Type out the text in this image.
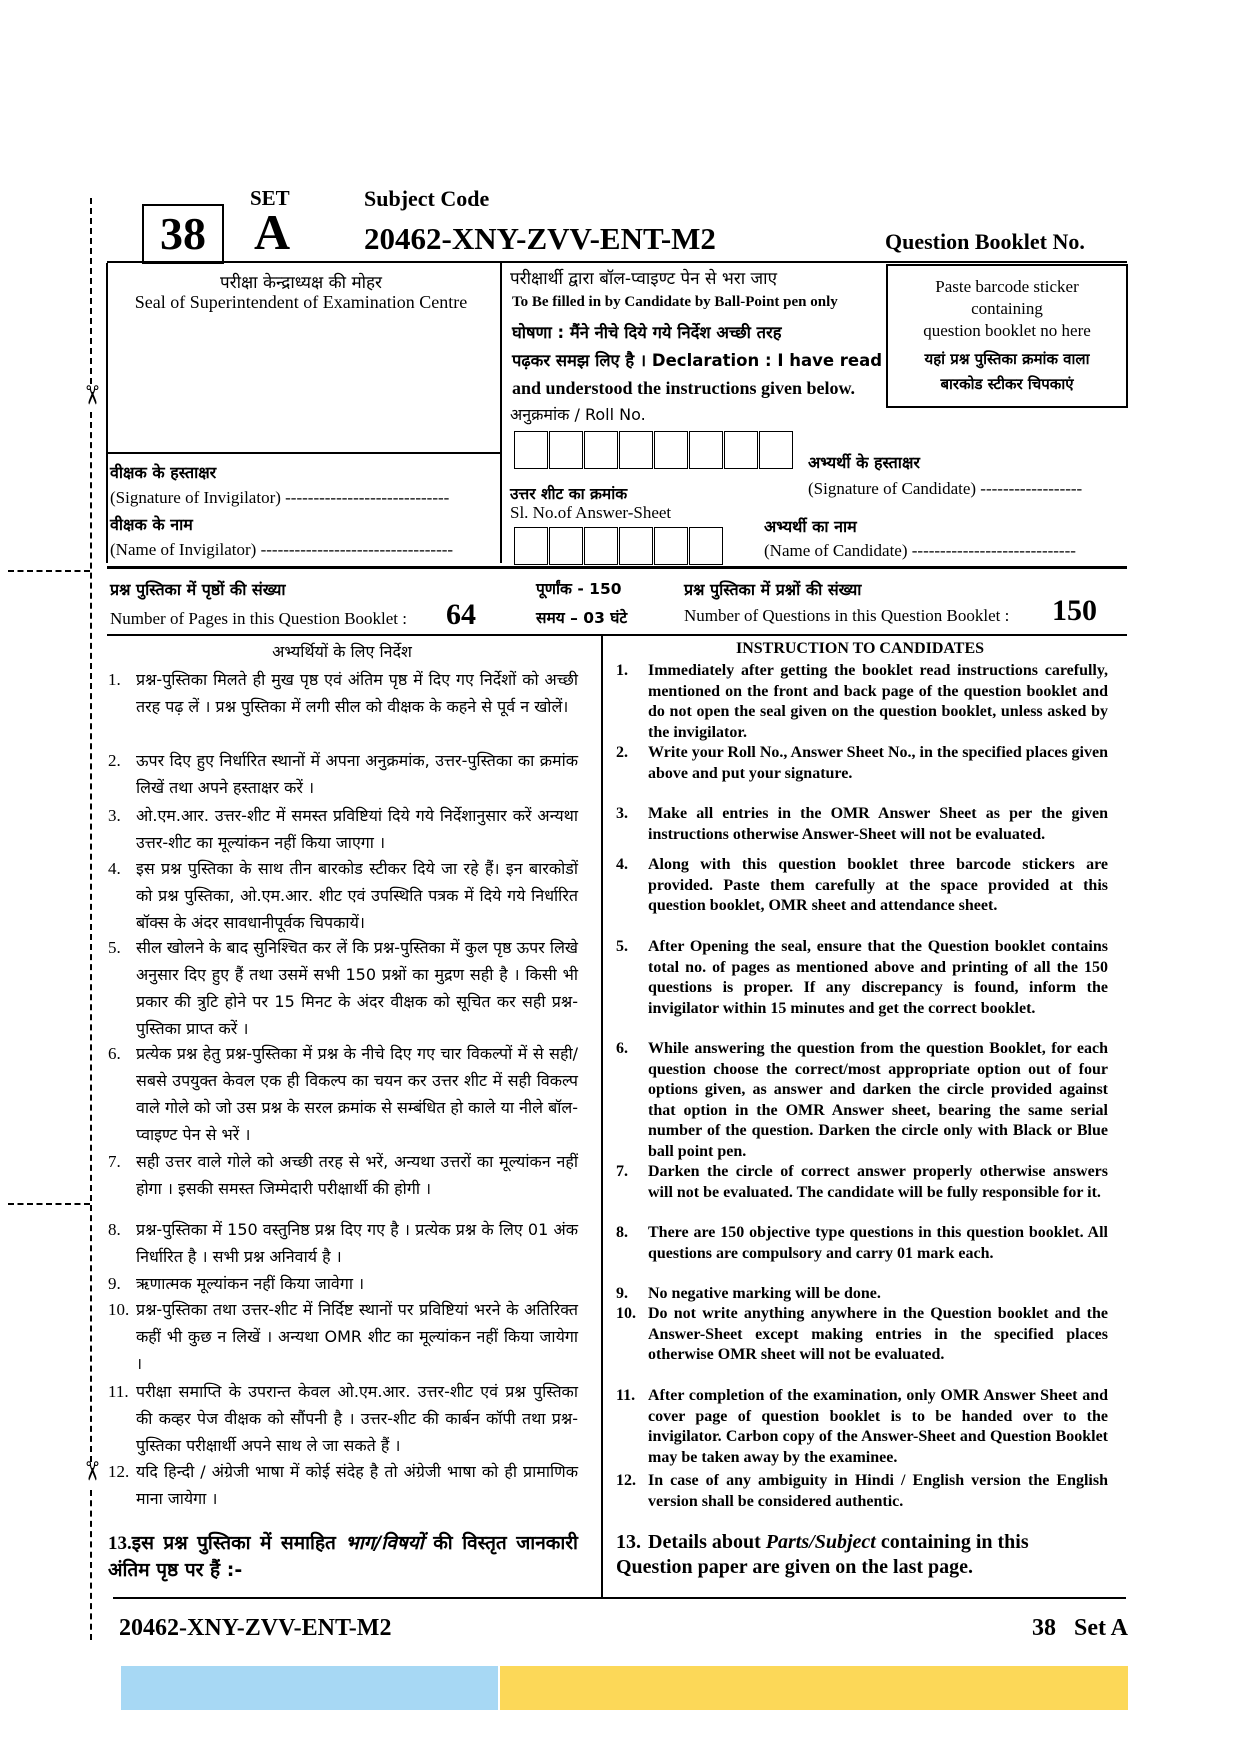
✂
✂
38
SET
A
Subject Code
20462-XNY-ZVV-ENT-M2	Question Booklet No.
परीक्षा केन्द्राध्यक्ष की मोहर
Seal of Superintendent of Examination Centre
परीक्षार्थी द्वारा बॉल-प्वाइण्ट पेन से भरा जाए
To Be filled in by Candidate by Ball-Point pen only
घोषणा : मैंने नीचे दिये गये निर्देश अच्छी तरह
पढ़कर समझ लिए है । Declaration : I have read
and understood the instructions given below.
Paste barcode sticker
containing
question booklet no here
यहां प्रश्न पुस्तिका क्रमांक वाला
बारकोड स्टीकर चिपकाएं
अनुक्रमांक / Roll No.
उत्तर शीट का क्रमांक
Sl. No.of Answer-Sheet
वीक्षक के हस्ताक्षर
(Signature of Invigilator) -----------------------------
वीक्षक के नाम
(Name of Invigilator) ----------------------------------
अभ्यर्थी के हस्ताक्षर
(Signature of Candidate) ------------------
अभ्यर्थी का नाम
(Name of Candidate) -----------------------------
प्रश्न पुस्तिका में पृष्ठों की संख्या
Number of Pages in this Question Booklet : 64
पूर्णांक - 150
समय – 03 घंटे
प्रश्न पुस्तिका में प्रश्नों की संख्या
Number of Questions in this Question Booklet : 150
अभ्यर्थियों के लिए निर्देश
1. प्रश्न-पुस्तिका मिलते ही मुख पृष्ठ एवं अंतिम पृष्ठ में दिए गए निर्देशों को अच्छी तरह पढ़ लें । प्रश्न पुस्तिका में लगी सील को वीक्षक के कहने से पूर्व न खोलें।
2. ऊपर दिए हुए निर्धारित स्थानों में अपना अनुक्रमांक, उत्तर-पुस्तिका का क्रमांक लिखें तथा अपने हस्ताक्षर करें ।
3. ओ.एम.आर. उत्तर-शीट में समस्त प्रविष्टियां दिये गये निर्देशानुसार करें अन्यथा उत्तर-शीट का मूल्यांकन नहीं किया जाएगा ।
4. इस प्रश्न पुस्तिका के साथ तीन बारकोड स्टीकर दिये जा रहे हैं। इन बारकोडों को प्रश्न पुस्तिका, ओ.एम.आर. शीट एवं उपस्थिति पत्रक में दिये गये निर्धारित बॉक्स के अंदर सावधानीपूर्वक चिपकायें।
5. सील खोलने के बाद सुनिश्चित कर लें कि प्रश्न-पुस्तिका में कुल पृष्ठ ऊपर लिखे अनुसार दिए हुए हैं तथा उसमें सभी 150 प्रश्नों का मुद्रण सही है । किसी भी प्रकार की त्रुटि होने पर 15 मिनट के अंदर वीक्षक को सूचित कर सही प्रश्न-पुस्तिका प्राप्त करें ।
6. प्रत्येक प्रश्न हेतु प्रश्न-पुस्तिका में प्रश्न के नीचे दिए गए चार विकल्पों में से सही/सबसे उपयुक्त केवल एक ही विकल्प का चयन कर उत्तर शीट में सही विकल्प वाले गोले को जो उस प्रश्न के सरल क्रमांक से सम्बंधित हो काले या नीले बॉल-प्वाइण्ट पेन से भरें ।
7. सही उत्तर वाले गोले को अच्छी तरह से भरें, अन्यथा उत्तरों का मूल्यांकन नहीं होगा । इसकी समस्त जिम्मेदारी परीक्षार्थी की होगी ।
8. प्रश्न-पुस्तिका में 150 वस्तुनिष्ठ प्रश्न दिए गए है । प्रत्येक प्रश्न के लिए 01 अंक निर्धारित है । सभी प्रश्न अनिवार्य है ।
9. ऋणात्मक मूल्यांकन नहीं किया जावेगा ।
10. प्रश्न-पुस्तिका तथा उत्तर-शीट में निर्दिष्ट स्थानों पर प्रविष्टियां भरने के अतिरिक्त कहीं भी कुछ न लिखें । अन्यथा OMR शीट का मूल्यांकन नहीं किया जायेगा ।
11. परीक्षा समाप्ति के उपरान्त केवल ओ.एम.आर. उत्तर-शीट एवं प्रश्न पुस्तिका की कव्हर पेज वीक्षक को सौंपनी है । उत्तर-शीट की कार्बन कॉपी तथा प्रश्न-पुस्तिका परीक्षार्थी अपने साथ ले जा सकते हैं ।
12. यदि हिन्दी / अंग्रेजी भाषा में कोई संदेह है तो अंग्रेजी भाषा को ही प्रामाणिक माना जायेगा ।
13.इस प्रश्न पुस्तिका में समाहित भाग/विषयों की विस्तृत जानकारी अंतिम पृष्ठ पर हैं :-
INSTRUCTION TO CANDIDATES
1.	Immediately after getting the booklet read instructions carefully, mentioned on the front and back page of the question booklet and do not open the seal given on the question booklet, unless asked by the invigilator.
2.	Write your Roll No., Answer Sheet No., in the specified places given above and put your signature.
3.	Make all entries in the OMR Answer Sheet as per the given instructions otherwise Answer-Sheet will not be evaluated.
4.	Along with this question booklet three barcode stickers are provided. Paste them carefully at the space provided at this question booklet, OMR sheet and attendance sheet.
5.	After Opening the seal, ensure that the Question booklet contains total no. of pages as mentioned above and printing of all the 150 questions is proper. If any discrepancy is found, inform the invigilator within 15 minutes and get the correct booklet.
6.	While answering the question from the question Booklet, for each question choose the correct/most appropriate option out of four options given, as answer and darken the circle provided against that option in the OMR Answer sheet, bearing the same serial number of the question. Darken the circle only with Black or Blue ball point pen.
7.	Darken the circle of correct answer properly otherwise answers will not be evaluated. The candidate will be fully responsible for it.
8.	There are 150 objective type questions in this question booklet. All questions are compulsory and carry 01 mark each.
9.	No negative marking will be done.
10. Do not write anything anywhere in the Question booklet and the Answer-Sheet except making entries in the specified places otherwise OMR sheet will not be evaluated.
11. After completion of the examination, only OMR Answer Sheet and cover page of question booklet is to be handed over to the invigilator. Carbon copy of the Answer-Sheet and Question Booklet may be taken away by the examinee.
12. In case of any ambiguity in Hindi / English version the English version shall be considered authentic.
13. Details about Parts/Subject containing in this Question paper are given on the last page.
20462-XNY-ZVV-ENT-M2	38   Set A
